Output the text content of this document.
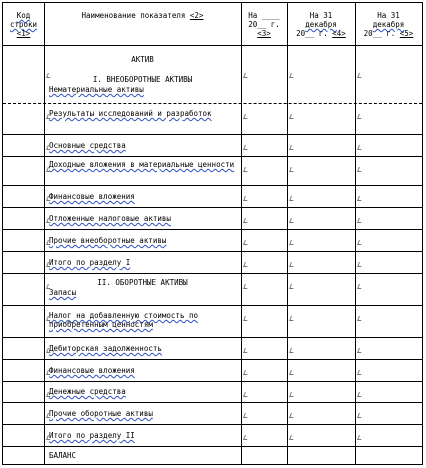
Код
строки
<1>
Наименование показателя <2>	На ____
20__ г.
<3>
На 31
декабря
20__ г. <4>
На 31
декабря
20__ г. <5>
АКТИВ
I. ВНЕОБОРОТНЫЕ АКТИВЫ
Нематериальные активы
Результаты исследований и разработок
Основные средства
Доходные вложения в материальные ценности
Финансовые вложения
Отложенные налоговые активы
Прочие внеоборотные активы
Итого по разделу I
II. ОБОРОТНЫЕ АКТИВЫ
Запасы
Налог на добавленную стоимость по приобретенным ценностям
Дебиторская задолженность
Финансовые вложения
Денежные средства
Прочие оборотные активы
Итого по разделу II
БАЛАНС
